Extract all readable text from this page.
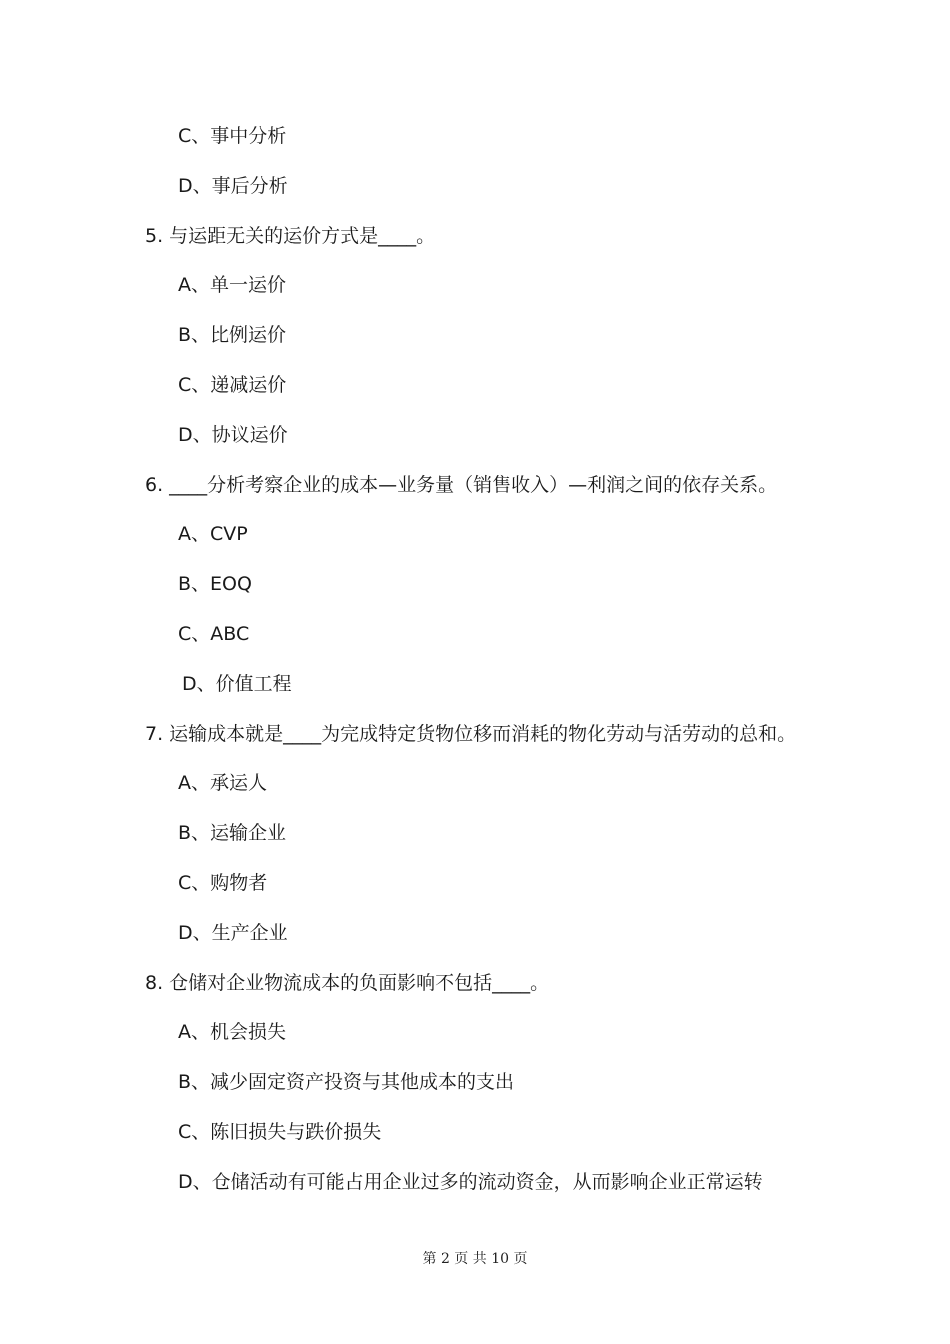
C、事中分析
D、事后分析
5. 与运距无关的运价方式是____。
A、单一运价
B、比例运价
C、递减运价
D、协议运价
6. ____分析考察企业的成本—业务量（销售收入）—利润之间的依存关系。
A、CVP
B、EOQ
C、ABC
D、价值工程
7. 运输成本就是____为完成特定货物位移而消耗的物化劳动与活劳动的总和。
A、承运人
B、运输企业
C、购物者
D、生产企业
8. 仓储对企业物流成本的负面影响不包括____。
A、机会损失
B、减少固定资产投资与其他成本的支出
C、陈旧损失与跌价损失
D、仓储活动有可能占用企业过多的流动资金，从而影响企业正常运转
第 2 页 共 10 页
